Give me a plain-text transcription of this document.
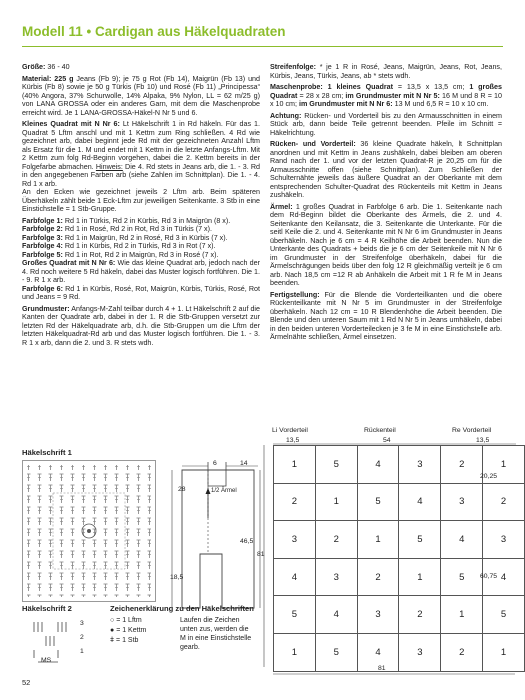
Modell 11 • Cardigan aus Häkelquadraten

Größe: 36 - 40

Material: 225 g Jeans (Fb 9); je 75 g Rot (Fb 14), Maigrün (Fb 13) und Kürbis (Fb 8) sowie je 50 g Türkis (Fb 10) und Rosé (Fb 11) „Principessa“ (40% Angora, 37% Schurwolle, 14% Alpaka, 9% Nylon, LL = 62 m/25 g) von LANA GROSSA oder ein anderes Garn, mit dem die Maschenprobe erreicht wird. Je 1 LANA-GROSSA-Häkel-N Nr 5 und 6.

Kleines Quadrat mit N Nr 6: Lt Häkelschrift 1 in Rd häkeln. Für das 1. Quadrat 5 Lftm anschl und mit 1 Kettm zum Ring schließen. 4 Rd wie gezeichnet arb, dabei beginnt jede Rd mit der gezeichneten Anzahl Lftm als Ersatz für die 1. M und endet mit 1 Kettm in die letzte Anfangs-Lftm. Mit 2 Kettm zum folg Rd-Beginn vorgehen, dabei die 2. Kettm bereits in der Folgefarbe abmachen. Hinweis: Die 4. Rd stets in Jeans arb, die 1. - 3. Rd in den angegebenen Farben arb (siehe Zahlen im Schnittplan). Die 1. - 4. Rd 1 x arb.
An den Ecken wie gezeichnet jeweils 2 Lftm arb. Beim späteren Überhäkeln zählt beide 1 Eck-Lftm zur jeweiligen Seitenkante. 3 Stb in eine Einstichstelle = 1 Stb-Gruppe.

Farbfolge 1: Rd 1 in Türkis, Rd 2 in Kürbis, Rd 3 in Maigrün (8 x).
Farbfolge 2: Rd 1 in Rosé, Rd 2 in Rot, Rd 3 in Türkis (7 x).
Farbfolge 3: Rd 1 in Maigrün, Rd 2 in Rosé, Rd 3 in Kürbis (7 x).
Farbfolge 4: Rd 1 in Kürbis, Rd 2 in Türkis, Rd 3 in Rot (7 x).
Farbfolge 5: Rd 1 in Rot, Rd 2 in Maigrün, Rd 3 in Rosé (7 x).

Großes Quadrat mit N Nr 6: Wie das kleine Quadrat arb, jedoch nach der 4. Rd noch weitere 5 Rd häkeln, dabei das Muster logisch fortführen. Die 1. - 9. R 1 x arb.
Farbfolge 6: Rd 1 in Kürbis, Rosé, Rot, Maigrün, Kürbis, Türkis, Rosé, Rot und Jeans = 9 Rd.

Grundmuster: Anfangs-M-Zahl teilbar durch 4 + 1. Lt Häkelschrift 2 auf die Kanten der Quadrate arb, dabei in der 1. R die Stb-Gruppen versetzt zur letzten Rd der Häkelquadrate arb, d.h. die Stb-Gruppen um die Lftm der letzten Häkelquadrat-Rd arb und das Muster logisch fortführen. Die 1. - 3. R 1 x arb, dann die 2. und 3. R stets wdh.

Streifenfolge: * je 1 R in Rosé, Jeans, Maigrün, Jeans, Rot, Jeans, Kürbis, Jeans, Türkis, Jeans, ab * stets wdh.

Maschenprobe: 1 kleines Quadrat = 13,5 x 13,5 cm; 1 großes Quadrat = 28 x 28 cm; im Grundmuster mit N Nr 5: 16 M und 8 R = 10 x 10 cm; im Grundmuster mit N Nr 6: 13 M und 6,5 R = 10 x 10 cm.

Achtung: Rücken- und Vorderteil bis zu den Armausschnitten in einem Stück arb, dann beide Teile getrennt beenden. Pfeile im Schnitt = Häkelrichtung.

Rücken- und Vorderteil: 36 kleine Quadrate häkeln, lt Schnittplan anordnen und mit Kettm in Jeans zushäkeln, dabei bleiben am oberen Rand nach der 1. und vor der letzten Quadrat-R je 20,25 cm für die Armausschnitte offen (siehe Schnittplan). Zum Schließen der Schulternähte jeweils das äußere Quadrat an der Oberkante mit dem entsprechenden Schulter-Quadrat des Rückenteils mit Kettm in Jeans zushäkeln.

Ärmel: 1 großes Quadrat in Farbfolge 6 arb. Die 1. Seitenkante nach dem Rd-Beginn bildet die Oberkante des Ärmels, die 2. und 4. Seitenkante den Keilansatz, die 3. Seitenkante die Unterkante. Für die seitl Keile die 2. und 4. Seitenkante mit N Nr 6 im Grundmuster in Jeans überhäkeln. Nach je 6 cm = 4 R Keilhöhe die Arbeit beenden. Nun die Unterkante des Quadrats + beids die je 6 cm der Seitenkeile mit N Nr 6 im Grundmuster in der Streifenfolge überhäkeln, dabei für die Ärmelschrägungen beids über den folg 12 R gleichmäßig verteilt je 6 cm arb. Nach 18,5 cm =12 R ab Anhäkeln die Arbeit mit 1 R fe M in Jeans beenden.

Fertigstellung: Für die Blende die Vorderteilkanten und die obere Rückenteilkante mit N Nr 5 im Grundmuster in der Streifenfolge überhäkeln. Nach 12 cm = 10 R Blendenhöhe die Arbeit beenden. Die Blende und den unteren Saum mit 1 Rd N Nr 5 in Jeans umhäkeln, dabei in den beiden unteren Vorderteilecken je 3 fe M in eine Einstichstelle arb. Ärmelnähte schließen, Ärmel einsetzen.

Häkelschrift 1
6	14
28
18,5
46,5
1/2 Ärmel
Li Vorderteil	Rückenteil	Re Vorderteil
13,5	54	13,5
1	5	4	3	2	1
2	1	5	4	3	2
3	2	1	5	4	3
4	3	2	1	5	4
5	4	3	2	1	5
1	5	4	3	2	1
20,25
60,75
81
81
Häkelschrift 2
3
2
1
MS
Zeichenerklärung zu den Häkelschriften
○ = 1 Lftm
● = 1 Kettm
ǂ = 1 Stb
Laufen die Zeichen unten zus, werden die M in eine Einstichstelle gearb.
52
